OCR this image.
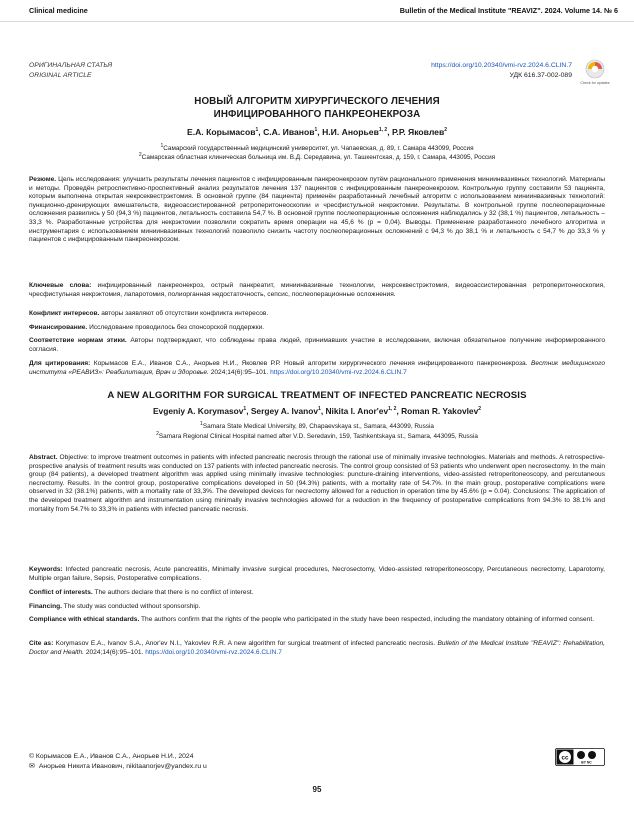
Clinical medicine	Bulletin of the Medical Institute "REAVIZ". 2024. Volume 14. № 6
ОРИГИНАЛЬНАЯ СТАТЬЯ
ORIGINAL ARTICLE
https://doi.org/10.20340/vmi-rvz.2024.6.CLIN.7
УДК 616.37-002-089
Check for updates
НОВЫЙ АЛГОРИТМ ХИРУРГИЧЕСКОГО ЛЕЧЕНИЯ
ИНФИЦИРОВАННОГО ПАНКРЕОНЕКРОЗА
Е.А. Корымасов$^1$, С.А. Иванов$^1$, Н.И. Анорьев$^{1, 2}$, Р.Р. Яковлев$^2$
$^1$Самарский государственный медицинский университет, ул. Чапаевская, д. 89, г. Самара 443099, Россия
$^2$Самарская областная клиническая больница им. В.Д. Середавина, ул. Ташкентская, д. 159, г. Самара, 443095, Россия
Резюме. Цель исследования: улучшить результаты лечения пациентов с инфицированным панкреонекрозом путём рационального применения миниинвазивных технологий. Материалы и методы. Проведён ретроспективно-проспективный анализ результатов лечения 137 пациентов с инфицированным панкреонекрозом. Контрольную группу составили 53 пациента, которым выполнена открытая некрсеквестрэктомия. В основной группе (84 пациента) применён разработанный лечебный алгоритм с использованием миниинвазивных технологий: пункционно-дренирующих вмешательств, видеоассистированной ретроперитонеоскопии и чресфистульной некрэктомии. Результаты. В контрольной группе послеоперационные осложнения развились у 50 (94,3 %) пациентов, летальность составила 54,7 %. В основной группе послеоперационные осложнения наблюдались у 32 (38,1 %) пациентов, летальность – 33,3 %. Разработанные устройства для некрэктомии позволили сократить время операции на 45,6 % (p = 0,04). Выводы. Применение разработанного лечебного алгоритма и инструментария с использованием миниинвазивных технологий позволило снизить частоту послеоперационных осложнений с 94,3 % до 38,1 % и летальность с 54,7 % до 33,3 % у пациентов с инфицированным панкреонекрозом.
Ключевые слова: инфицированный панкреонекроз, острый панкреатит, миниинвазивные технологии, некрсеквестрэктомия, видеоассистированная ретроперитонеоскопия, чресфистульная некрэктомия, лапаротомия, полиорганная недостаточность, сепсис, послеоперационные осложнения.
Конфликт интересов. авторы заявляют об отсутствии конфликта интересов.
Финансирование. Исследование проводилось без спонсорской поддержки.
Соответствие нормам этики. Авторы подтверждают, что соблюдены права людей, принимавших участие в исследовании, включая обязательное получение информированного согласия.
Для цитирования: Корымасов Е.А., Иванов С.А., Анорьев Н.И., Яковлев Р.Р. Новый алгоритм хирургического лечения инфицированного панкреонекроза. Вестник медицинского института «РЕАВИЗ»: Реабилитация, Врач и Здоровье. 2024;14(6):95–101. https://doi.org/10.20340/vmi-rvz.2024.6.CLIN.7
A NEW ALGORITHM FOR SURGICAL TREATMENT OF INFECTED PANCREATIC NECROSIS
Evgeniy A. Korymasov$^1$, Sergey A. Ivanov$^1$, Nikita I. Anor'ev$^{1, 2}$, Roman R. Yakovlev$^2$
$^1$Samara State Medical University, 89, Chapaevskaya st., Samara, 443099, Russia
$^2$Samara Regional Clinical Hospital named after V.D. Seredavin, 159, Tashkentskaya st., Samara, 443095, Russia
Abstract. Objective: to improve treatment outcomes in patients with infected pancreatic necrosis through the rational use of minimally invasive technologies. Materials and methods. A retrospective-prospective analysis of treatment results was conducted on 137 patients with infected pancreatic necrosis. The control group consisted of 53 patients who underwent open necrosectomy. In the main group (84 patients), a developed treatment algorithm was applied using minimally invasive technologies: puncture-draining interventions, video-assisted retroperitoneoscopy, and percutaneous necrectomy. Results. In the control group, postoperative complications developed in 50 (94.3%) patients, with a mortality rate of 54.7%. In the main group, postoperative complications were observed in 32 (38.1%) patients, with a mortality rate of 33,3%. The developed devices for necrectomy allowed for a reduction in operation time by 45.6% (p = 0.04). Conclusions: The application of the developed treatment algorithm and instrumentation using minimally invasive technologies allowed for a reduction in the frequency of postoperative complications from 94.3% to 38.1% and mortality from 54.7% to 33,3% in patients with infected pancreatic necrosis.
Keywords: Infected pancreatic necrosis, Acute pancreatitis, Minimally invasive surgical procedures, Necrosectomy, Video-assisted retroperitoneoscopy, Percutaneous necrectomy, Laparotomy, Multiple organ failure, Sepsis, Postoperative complications.
Conflict of interests. The authors declare that there is no conflict of interest.
Financing. The study was conducted without sponsorship.
Compliance with ethical standards. The authors confirm that the rights of the people who participated in the study have been respected, including the mandatory obtaining of informed consent.
Cite as: Korymasov E.A., Ivanov S.A., Anor'ev N.I., Yakovlev R.R. A new algorithm for surgical treatment of infected pancreatic necrosis. Bulletin of the Medical Institute "REAVIZ": Rehabilitation, Doctor and Health. 2024;14(6):95–101. https://doi.org/10.20340/vmi-rvz.2024.6.CLIN.7
© Корымасов Е.А., Иванов С.А., Анорьев Н.И., 2024
✉ Анорьев Никита Иванович, nikitaanorjev@yandex.ru u
cc
BY NC
95
